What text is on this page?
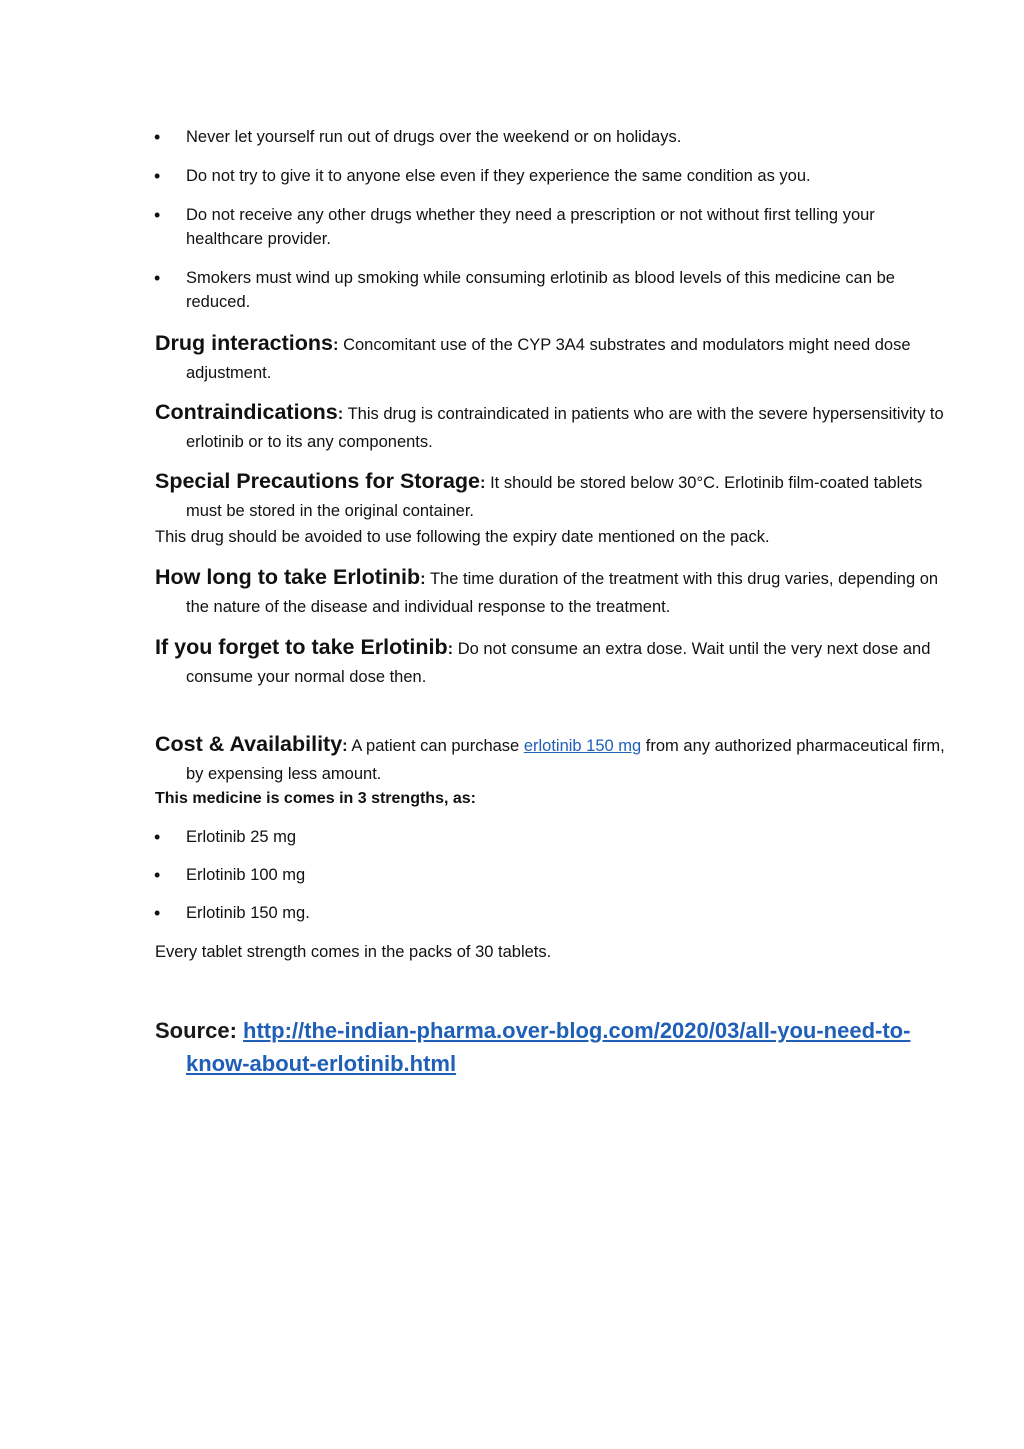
• Never let yourself run out of drugs over the weekend or on holidays.
• Do not try to give it to anyone else even if they experience the same condition as you.
• Do not receive any other drugs whether they need a prescription or not without first telling your healthcare provider.
• Smokers must wind up smoking while consuming erlotinib as blood levels of this medicine can be reduced.
Drug interactions: Concomitant use of the CYP 3A4 substrates and modulators might need dose adjustment.
Contraindications: This drug is contraindicated in patients who are with the severe hypersensitivity to erlotinib or to its any components.
Special Precautions for Storage: It should be stored below 30°C. Erlotinib film-coated tablets must be stored in the original container.
This drug should be avoided to use following the expiry date mentioned on the pack.
How long to take Erlotinib: The time duration of the treatment with this drug varies, depending on the nature of the disease and individual response to the treatment.
If you forget to take Erlotinib: Do not consume an extra dose. Wait until the very next dose and consume your normal dose then.
Cost & Availability: A patient can purchase erlotinib 150 mg from any authorized pharmaceutical firm, by expensing less amount.
This medicine is comes in 3 strengths, as:
• Erlotinib 25 mg
• Erlotinib 100 mg
• Erlotinib 150 mg.
Every tablet strength comes in the packs of 30 tablets.
Source: http://the-indian-pharma.over-blog.com/2020/03/all-you-need-to- know-about-erlotinib.html
